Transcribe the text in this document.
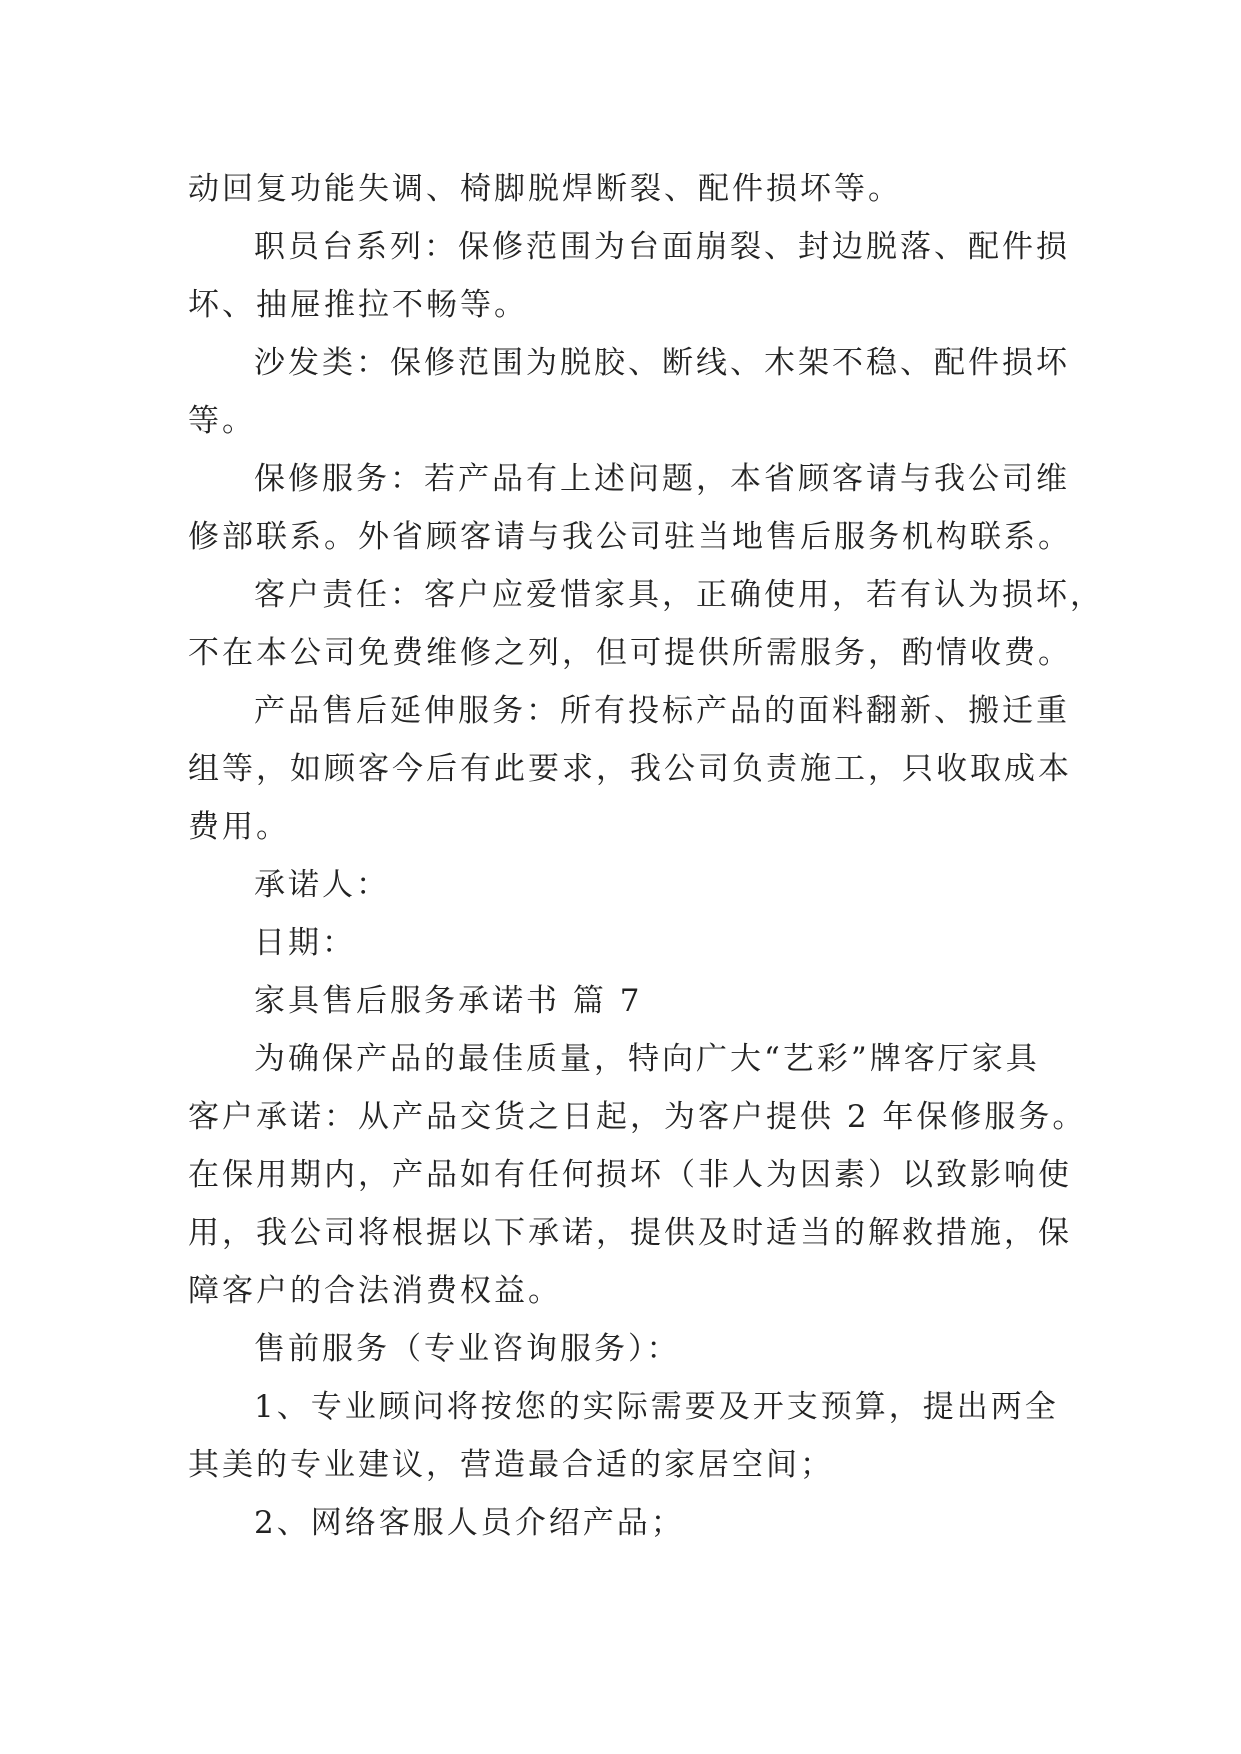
动回复功能失调、椅脚脱焊断裂、配件损坏等。
职员台系列：保修范围为台面崩裂、封边脱落、配件损
坏、抽屉推拉不畅等。
沙发类：保修范围为脱胶、断线、木架不稳、配件损坏
等。
保修服务：若产品有上述问题，本省顾客请与我公司维
修部联系。外省顾客请与我公司驻当地售后服务机构联系。
客户责任：客户应爱惜家具，正确使用，若有认为损坏，
不在本公司免费维修之列，但可提供所需服务，酌情收费。
产品售后延伸服务：所有投标产品的面料翻新、搬迁重
组等，如顾客今后有此要求，我公司负责施工，只收取成本
费用。
承诺人：
日期：
家具售后服务承诺书 篇 7
为确保产品的最佳质量，特向广大“艺彩”牌客厅家具
客户承诺：从产品交货之日起，为客户提供 2 年保修服务。
在保用期内，产品如有任何损坏（非人为因素）以致影响使
用，我公司将根据以下承诺，提供及时适当的解救措施，保
障客户的合法消费权益。
售前服务（专业咨询服务）：
1、专业顾问将按您的实际需要及开支预算，提出两全
其美的专业建议，营造最合适的家居空间；
2、网络客服人员介绍产品；
